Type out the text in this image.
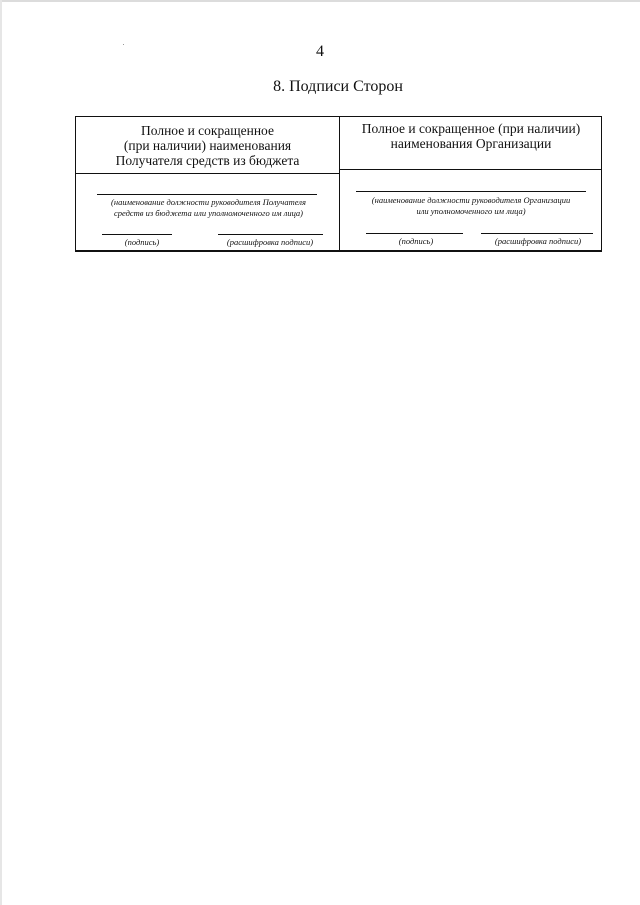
4
8. Подписи Сторон
Полное и сокращенное
(при наличии) наименования
Получателя средств из бюджета
Полное и сокращенное (при наличии)
наименования Организации
(наименование должности руководителя Получателя
средств из бюджета или уполномоченного им лица)
(подпись)	(расшифровка подписи)
(наименование должности руководителя Организации
или уполномоченного им лица)
(подпись)	(расшифровка подписи)
